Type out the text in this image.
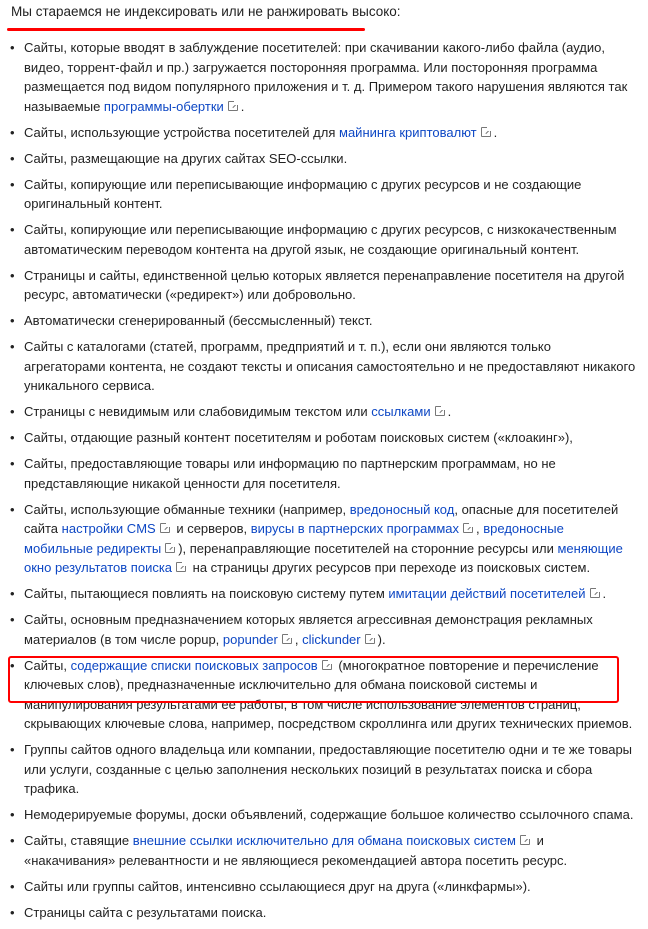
Мы стараемся не индексировать или не ранжировать высоко:
• Сайты, которые вводят в заблуждение посетителей: при скачивании какого-либо файла (аудио, видео, торрент-файл и пр.) загружается посторонняя программа. Или посторонняя программа размещается под видом популярного приложения и т. д. Примером такого нарушения являются так называемые программы-обертки .
• Сайты, использующие устройства посетителей для майнинга криптовалют .
• Сайты, размещающие на других сайтах SEO-ссылки.
• Сайты, копирующие или переписывающие информацию с других ресурсов и не создающие оригинальный контент.
• Сайты, копирующие или переписывающие информацию с других ресурсов, с низкокачественным автоматическим переводом контента на другой язык, не создающие оригинальный контент.
• Страницы и сайты, единственной целью которых является перенаправление посетителя на другой ресурс, автоматически («редирект») или добровольно.
• Автоматически сгенерированный (бессмысленный) текст.
• Сайты с каталогами (статей, программ, предприятий и т. п.), если они являются только агрегаторами контента, не создают тексты и описания самостоятельно и не предоставляют никакого уникального сервиса.
• Страницы с невидимым или слабовидимым текстом или ссылками .
• Сайты, отдающие разный контент посетителям и роботам поисковых систем («клоакинг»),
• Сайты, предоставляющие товары или информацию по партнерским программам, но не представляющие никакой ценности для посетителя.
• Сайты, использующие обманные техники (например, вредоносный код, опасные для посетителей сайта настройки CMS и серверов, вирусы в партнерских программах , вредоносные мобильные редиректы ), перенаправляющие посетителей на сторонние ресурсы или меняющие окно результатов поиска на страницы других ресурсов при переходе из поисковых систем.
• Сайты, пытающиеся повлиять на поисковую систему путем имитации действий посетителей .
• Сайты, основным предназначением которых является агрессивная демонстрация рекламных материалов (в том числе popup, popunder , clickunder ).
• Сайты, содержащие списки поисковых запросов (многократное повторение и перечисление ключевых слов), предназначенные исключительно для обмана поисковой системы и манипулирования результатами ее работы, в том числе использование элементов страниц, скрывающих ключевые слова, например, посредством скроллинга или других технических приемов.
• Группы сайтов одного владельца или компании, предоставляющие посетителю одни и те же товары или услуги, созданные с целью заполнения нескольких позиций в результатах поиска и сбора трафика.
• Немодерируемые форумы, доски объявлений, содержащие большое количество ссылочного спама.
• Сайты, ставящие внешние ссылки исключительно для обмана поисковых систем и «накачивания» релевантности и не являющиеся рекомендацией автора посетить ресурс.
• Сайты или группы сайтов, интенсивно ссылающиеся друг на друга («линкфармы»).
• Страницы сайта с результатами поиска.
